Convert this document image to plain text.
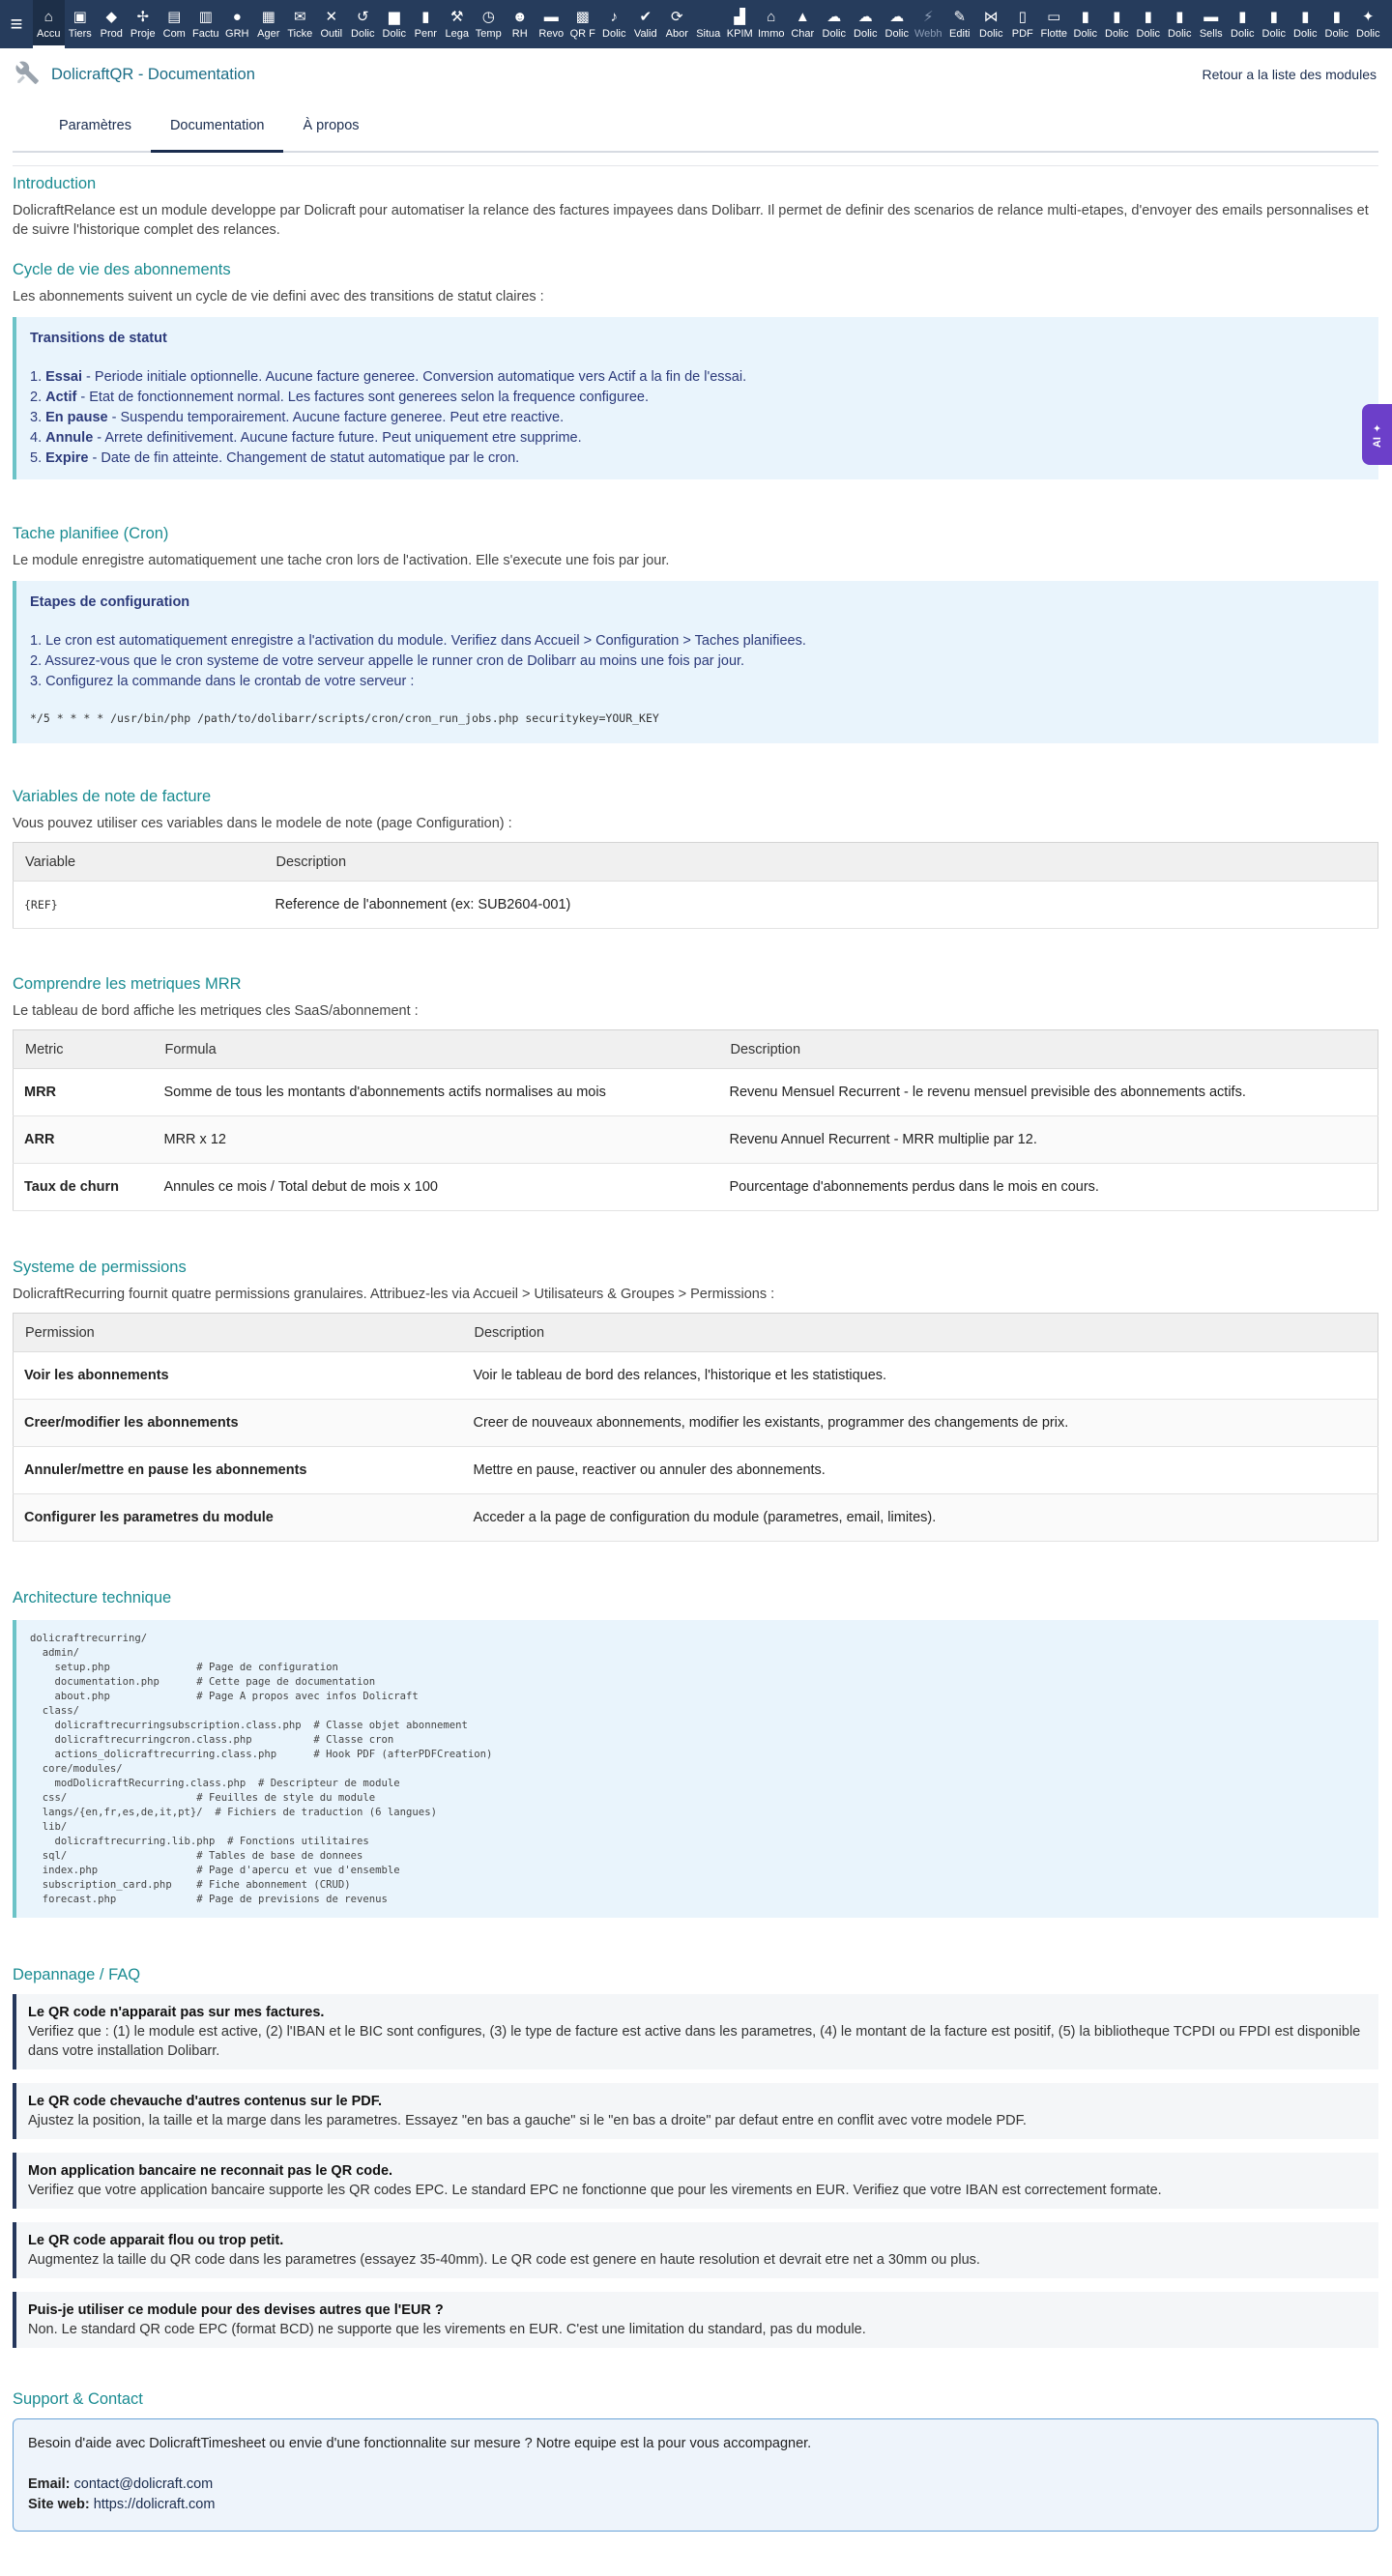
≡	⌂
Accu
▣
Tiers
◆
Prod
✢
Proje
▤
Com
▥
Factu
●
GRH
▦
Ager
✉
Ticke
✕
Outil
↺
Dolic
▆
Dolic
▮
Penr
⚒
Lega
◷
Temp
☻
RH
▬
Revo
▩
QR F
♪
Dolic
✔
Valid
⟳
Abor Situa
▟
KPIM
⌂
Immo
▲
Char
☁
Dolic
☁
Dolic
☁
Dolic
⚡
Webh
✎
Editi
⋈
Dolic
▯
PDF
▭
Flotte
▮
Dolic
▮
Dolic
▮
Dolic
▮
Dolic
▬
Sells
▮
Dolic
▮
Dolic
▮
Dolic
▮
Dolic
✦
Dolic
DolicraftQR - Documentation	Retour a la liste des modules
Paramètres	Documentation	À propos
Introduction

DolicraftRelance est un module developpe par Dolicraft pour automatiser la relance des factures impayees dans Dolibarr. Il permet de definir des scenarios de relance multi-etapes, d'envoyer des emails personnalises et de suivre l'historique complet des relances.

Cycle de vie des abonnements

Les abonnements suivent un cycle de vie defini avec des transitions de statut claires :

Transitions de statut
1. Essai - Periode initiale optionnelle. Aucune facture generee. Conversion automatique vers Actif a la fin de l'essai.
2. Actif - Etat de fonctionnement normal. Les factures sont generees selon la frequence configuree.
3. En pause - Suspendu temporairement. Aucune facture generee. Peut etre reactive.
4. Annule - Arrete definitivement. Aucune facture future. Peut uniquement etre supprime.
5. Expire - Date de fin atteinte. Changement de statut automatique par le cron.
Tache planifiee (Cron)

Le module enregistre automatiquement une tache cron lors de l'activation. Elle s'execute une fois par jour.

Etapes de configuration
1. Le cron est automatiquement enregistre a l'activation du module. Verifiez dans Accueil > Configuration > Taches planifiees.
2. Assurez-vous que le cron systeme de votre serveur appelle le runner cron de Dolibarr au moins une fois par jour.
3. Configurez la commande dans le crontab de votre serveur :
*/5 * * * * /usr/bin/php /path/to/dolibarr/scripts/cron/cron_run_jobs.php securitykey=YOUR_KEY
Variables de note de facture

Vous pouvez utiliser ces variables dans le modele de note (page Configuration) :

Variable	Description
{REF}	Reference de l'abonnement (ex: SUB2604-001)
Comprendre les metriques MRR

Le tableau de bord affiche les metriques cles SaaS/abonnement :

Metric	Formula	Description
MRR	Somme de tous les montants d'abonnements actifs normalises au mois	Revenu Mensuel Recurrent - le revenu mensuel previsible des abonnements actifs.
ARR	MRR x 12	Revenu Annuel Recurrent - MRR multiplie par 12.
Taux de churn	Annules ce mois / Total debut de mois x 100	Pourcentage d'abonnements perdus dans le mois en cours.
Systeme de permissions

DolicraftRecurring fournit quatre permissions granulaires. Attribuez-les via Accueil > Utilisateurs & Groupes > Permissions :

Permission	Description
Voir les abonnements	Voir le tableau de bord des relances, l'historique et les statistiques.
Creer/modifier les abonnements	Creer de nouveaux abonnements, modifier les existants, programmer des changements de prix.
Annuler/mettre en pause les abonnements	Mettre en pause, reactiver ou annuler des abonnements.
Configurer les parametres du module	Acceder a la page de configuration du module (parametres, email, limites).
Architecture technique
dolicraftrecurring/
admin/
setup.php              # Page de configuration
documentation.php      # Cette page de documentation
about.php              # Page A propos avec infos Dolicraft
class/
dolicraftrecurringsubscription.class.php  # Classe objet abonnement
dolicraftrecurringcron.class.php          # Classe cron
actions_dolicraftrecurring.class.php      # Hook PDF (afterPDFCreation)
core/modules/
modDolicraftRecurring.class.php  # Descripteur de module
css/                     # Feuilles de style du module
langs/{en,fr,es,de,it,pt}/  # Fichiers de traduction (6 langues)
lib/
dolicraftrecurring.lib.php  # Fonctions utilitaires
sql/                     # Tables de base de donnees
index.php                # Page d'apercu et vue d'ensemble
subscription_card.php    # Fiche abonnement (CRUD)
forecast.php             # Page de previsions de revenus
Depannage / FAQ
Le QR code n'apparait pas sur mes factures.
Verifiez que : (1) le module est active, (2) l'IBAN et le BIC sont configures, (3) le type de facture est active dans les parametres, (4) le montant de la facture est positif, (5) la bibliotheque TCPDI ou FPDI est disponible dans votre installation Dolibarr.
Le QR code chevauche d'autres contenus sur le PDF.
Ajustez la position, la taille et la marge dans les parametres. Essayez "en bas a gauche" si le "en bas a droite" par defaut entre en conflit avec votre modele PDF.
Mon application bancaire ne reconnait pas le QR code.
Verifiez que votre application bancaire supporte les QR codes EPC. Le standard EPC ne fonctionne que pour les virements en EUR. Verifiez que votre IBAN est correctement formate.
Le QR code apparait flou ou trop petit.
Augmentez la taille du QR code dans les parametres (essayez 35-40mm). Le QR code est genere en haute resolution et devrait etre net a 30mm ou plus.
Puis-je utiliser ce module pour des devises autres que l'EUR ?
Non. Le standard QR code EPC (format BCD) ne supporte que les virements en EUR. C'est une limitation du standard, pas du module.
Support & Contact
Besoin d'aide avec DolicraftTimesheet ou envie d'une fonctionnalite sur mesure ? Notre equipe est la pour vous accompagner.
Email: contact@dolicraft.com
Site web: https://dolicraft.com
AI ✦
